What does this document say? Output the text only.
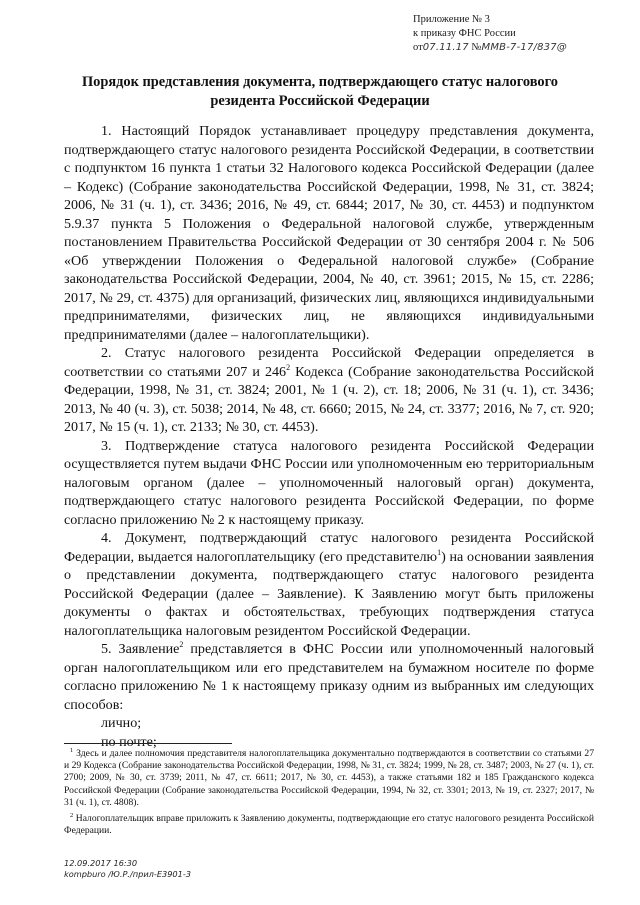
Приложение № 3
к приказу ФНС России
от07.11.17 №ММВ-7-17/837@
Порядок представления документа, подтверждающего статус налогового
резидента Российской Федерации

1. Настоящий Порядок устанавливает процедуру представления документа, подтверждающего статус налогового резидента Российской Федерации, в соответствии с подпунктом 16 пункта 1 статьи 32 Налогового кодекса Российской Федерации (далее – Кодекс) (Собрание законодательства Российской Федерации, 1998, № 31, ст. 3824; 2006, № 31 (ч. 1), ст. 3436; 2016, № 49, ст. 6844; 2017, № 30, ст. 4453) и подпунктом 5.9.37 пункта 5 Положения о Федеральной налоговой службе, утвержденным постановлением Правительства Российской Федерации от 30 сентября 2004 г. № 506 «Об утверждении Положения о Федеральной налоговой службе» (Собрание законодательства Российской Федерации, 2004, № 40, ст. 3961; 2015, № 15, ст. 2286; 2017, № 29, ст. 4375) для организаций, физических лиц, являющихся индивидуальными предпринимателями, физических лиц, не являющихся индивидуальными предпринимателями (далее – налогоплательщики).

2. Статус налогового резидента Российской Федерации определяется в соответствии со статьями 207 и $246^2$ Кодекса (Собрание законодательства Российской Федерации, 1998, № 31, ст. 3824; 2001, № 1 (ч. 2), ст. 18; 2006, № 31 (ч. 1), ст. 3436; 2013, № 40 (ч. 3), ст. 5038; 2014, № 48, ст. 6660; 2015, № 24, ст. 3377; 2016, № 7, ст. 920; 2017, № 15 (ч. 1), ст. 2133; № 30, ст. 4453).

3. Подтверждение статуса налогового резидента Российской Федерации осуществляется путем выдачи ФНС России или уполномоченным ею территориальным налоговым органом (далее – уполномоченный налоговый орган) документа, подтверждающего статус налогового резидента Российской Федерации, по форме согласно приложению № 2 к настоящему приказу.

4. Документ, подтверждающий статус налогового резидента Российской Федерации, выдается налогоплательщику (его представителю$^1$) на основании заявления о представлении документа, подтверждающего статус налогового резидента Российской Федерации (далее – Заявление). К Заявлению могут быть приложены документы о фактах и обстоятельствах, требующих подтверждения статуса налогоплательщика налоговым резидентом Российской Федерации.

5. Заявление$^2$ представляется в ФНС России или уполномоченный налоговый орган налогоплательщиком или его представителем на бумажном носителе по форме согласно приложению № 1 к настоящему приказу одним из выбранных им следующих способов:

лично;
по почте;

$^1$ Здесь и далее полномочия представителя налогоплательщика документально подтверждаются в соответствии со статьями 27 и 29 Кодекса (Собрание законодательства Российской Федерации, 1998, № 31, ст. 3824; 1999, № 28, ст. 3487; 2003, № 27 (ч. 1), ст. 2700; 2009, № 30, ст. 3739; 2011, № 47, ст. 6611; 2017, № 30, ст. 4453), а также статьями 182 и 185 Гражданского кодекса Российской Федерации (Собрание законодательства Российской Федерации, 1994, № 32, ст. 3301; 2013, № 19, ст. 2327; 2017, № 31 (ч. 1), ст. 4808).

$^2$ Налогоплательщик вправе приложить к Заявлению документы, подтверждающие его статус налогового резидента Российской Федерации.

12.09.2017 16:30
kompburo /Ю.Р./прил-Е3901-3
